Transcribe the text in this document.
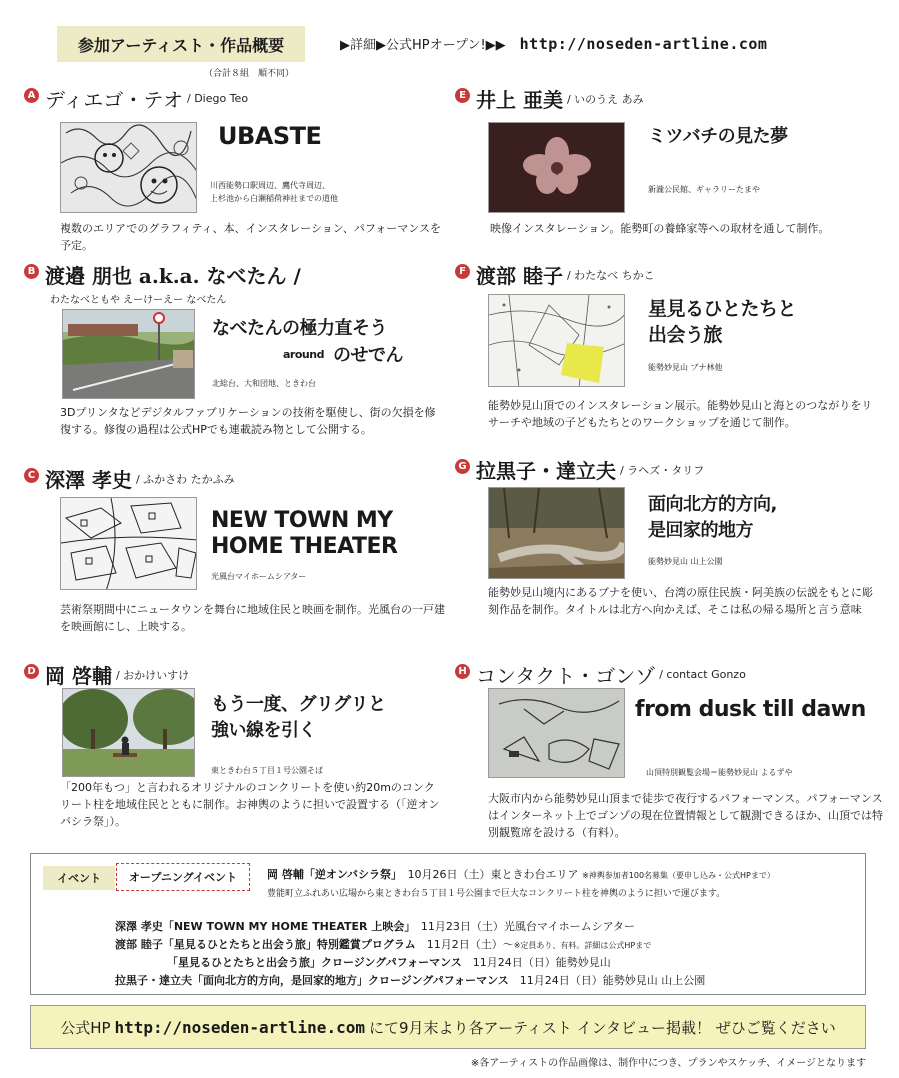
参加アーティスト・作品概要	▶詳細▶公式HPオープン!▶▶ http://noseden-artline.com
（合計８組　順不同）
A ディエゴ・テオ / Diego Teo
UBASTE
川西能勢口駅周辺、鷹代寺周辺、
上杉池から白瀬稲荷神社までの道他
複数のエリアでのグラフィティ、本、インスタレーション、パフォーマンスを予定。
B 渡邉 朋也 a.k.a. なべたん /
わたなべともや えーけーえー なべたん
なべたんの極力直そう
around のせでん
北総台、大和団地、ときわ台
3Dプリンタなどデジタルファブリケーションの技術を駆使し、街の欠損を修復する。修復の過程は公式HPでも連載読み物として公開する。
C 深澤 孝史 / ふかさわ たかふみ
NEW TOWN MY
HOME THEATER
光風台マイホームシアター
芸術祭期間中にニュータウンを舞台に地域住民と映画を制作。光風台の一戸建を映画館にし、上映する。
D 岡 啓輔 / おかけいすけ
もう一度、グリグリと
強い線を引く
東ときわ台５丁目１号公園そば
「200年もつ」と言われるオリジナルのコンクリートを使い約20mのコンクリート柱を地域住民とともに制作。お神輿のように担いで設置する（「逆オンバシラ祭」）。
E 井上 亜美 / いのうえ あみ
ミツバチの見た夢
新瀧公民館、ギャラリーたまや
映像インスタレーション。能勢町の養蜂家等への取材を通して制作。
F 渡部 睦子 / わたなべ ちかこ
星見るひとたちと
出会う旅
能勢妙見山 ブナ林他
能勢妙見山頂でのインスタレーション展示。能勢妙見山と海とのつながりをリサーチや地域の子どもたちとのワークショップを通じて制作。
G 拉黒子・達立夫 / ラヘズ・タリフ
面向北方的方向,
是回家的地方
能勢妙見山 山上公園
能勢妙見山境内にあるブナを使い、台湾の原住民族・阿美族の伝説をもとに彫刻作品を制作。タイトルは北方へ向かえば、そこは私の帰る場所と言う意味
H コンタクト・ゴンゾ / contact Gonzo
from dusk till dawn
山頂特別観覧会場＝能勢妙見山 よるずや
大阪市内から能勢妙見山頂まで徒歩で夜行するパフォーマンス。パフォーマンスはインターネット上でゴンゾの現在位置情報として観測できるほか、山頂では特別観覧席を設ける（有料）。
イベント	オープニングイベント	岡 啓輔「逆オンバシラ祭」　 10月26日（土）東ときわ台エリア ※神輿参加者100名募集（要申し込み・公式HPまで）
豊能町立ふれあい広場から東ときわ台５丁目１号公園まで巨大なコンクリート柱を神輿のように担いで運びます。
深澤 孝史「NEW TOWN MY HOME THEATER 上映会」　 11月23日（土）光風台マイホームシアター
渡部 睦子「星見るひとたちと出会う旅」特別鑑賞プログラム　 11月2日（土）〜※定員あり、有料。詳細は公式HPまで
「星見るひとたちと出会う旅」クロージングパフォーマンス　 11月24日（日）能勢妙見山
拉黒子・達立夫「面向北方的方向，是回家的地方」クロージングパフォーマンス　 11月24日（日）能勢妙見山 山上公園
公式HP http://noseden-artline.com にて9月末より各アーティスト インタビュー掲載！ ぜひご覧ください
※各アーティストの作品画像は、制作中につき、プランやスケッチ、イメージとなります
